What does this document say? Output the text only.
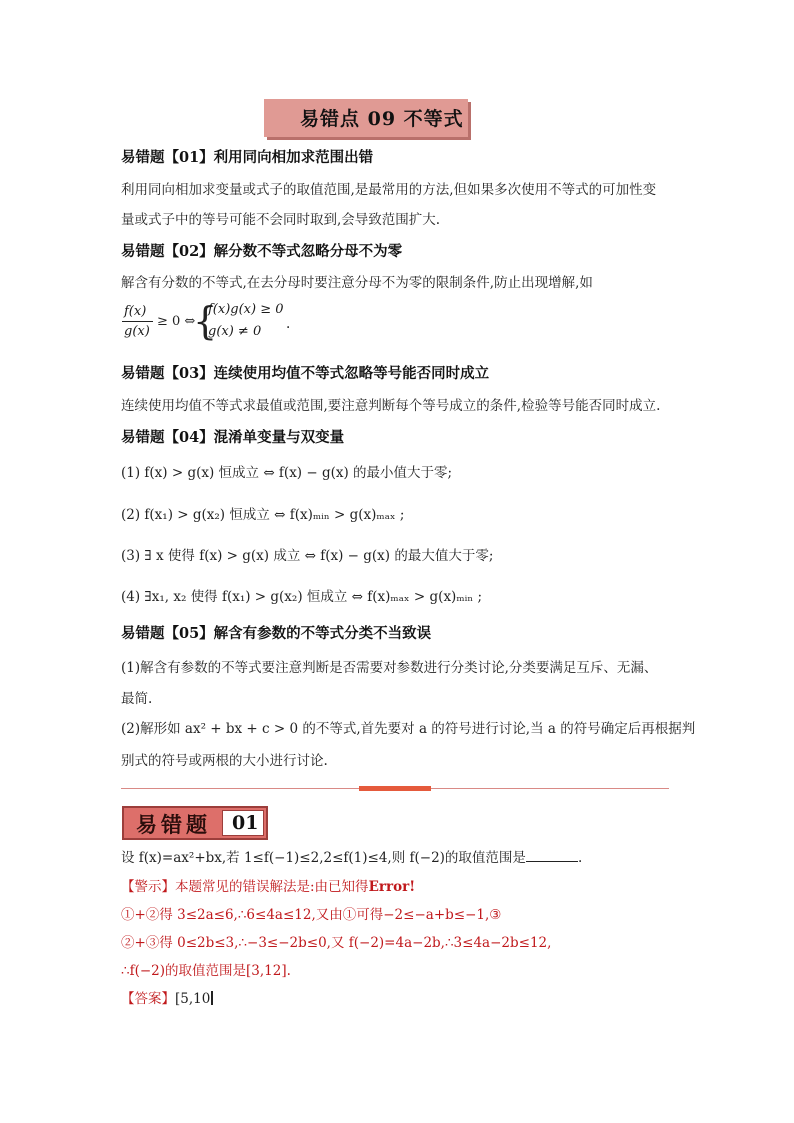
易错点 09 不等式
易错题【01】利用同向相加求范围出错
利用同向相加求变量或式子的取值范围,是最常用的方法,但如果多次使用不等式的可加性变
量或式子中的等号可能不会同时取到,会导致范围扩大.
易错题【02】解分数不等式忽略分母不为零
解含有分数的不等式,在去分母时要注意分母不为零的限制条件,防止出现增解,如
f(x)
g(x)
≥ 0 ⇔
{
f(x)g(x) ≥ 0
g(x) ≠ 0 .
易错题【03】连续使用均值不等式忽略等号能否同时成立
连续使用均值不等式求最值或范围,要注意判断每个等号成立的条件,检验等号能否同时成立.
易错题【04】混淆单变量与双变量
(1) f(x) > g(x) 恒成立 ⇔ f(x) − g(x) 的最小值大于零;
(2) f(x₁) > g(x₂) 恒成立 ⇔ f(x)ₘᵢₙ > g(x)ₘₐₓ ;
(3) ∃ x 使得 f(x) > g(x) 成立 ⇔ f(x) − g(x) 的最大值大于零;
(4) ∃x₁, x₂ 使得 f(x₁) > g(x₂) 恒成立 ⇔ f(x)ₘₐₓ > g(x)ₘᵢₙ ;
易错题【05】解含有参数的不等式分类不当致误
(1)解含有参数的不等式要注意判断是否需要对参数进行分类讨论,分类要满足互斥、无漏、
最简.
(2)解形如 ax² + bx + c > 0 的不等式,首先要对 a 的符号进行讨论,当 a 的符号确定后再根据判
别式的符号或两根的大小进行讨论.
易错题 01
设 f(x)=ax²+bx,若 1≤f(−1)≤2,2≤f(1)≤4,则 f(−2)的取值范围是	.
【警示】本题常见的错误解法是:由已知得Error!
①+②得 3≤2a≤6,∴6≤4a≤12,又由①可得−2≤−a+b≤−1,③
②+③得 0≤2b≤3,∴−3≤−2b≤0,又 f(−2)=4a−2b,∴3≤4a−2b≤12,
∴f(−2)的取值范围是[3,12].
【答案】[5,10
